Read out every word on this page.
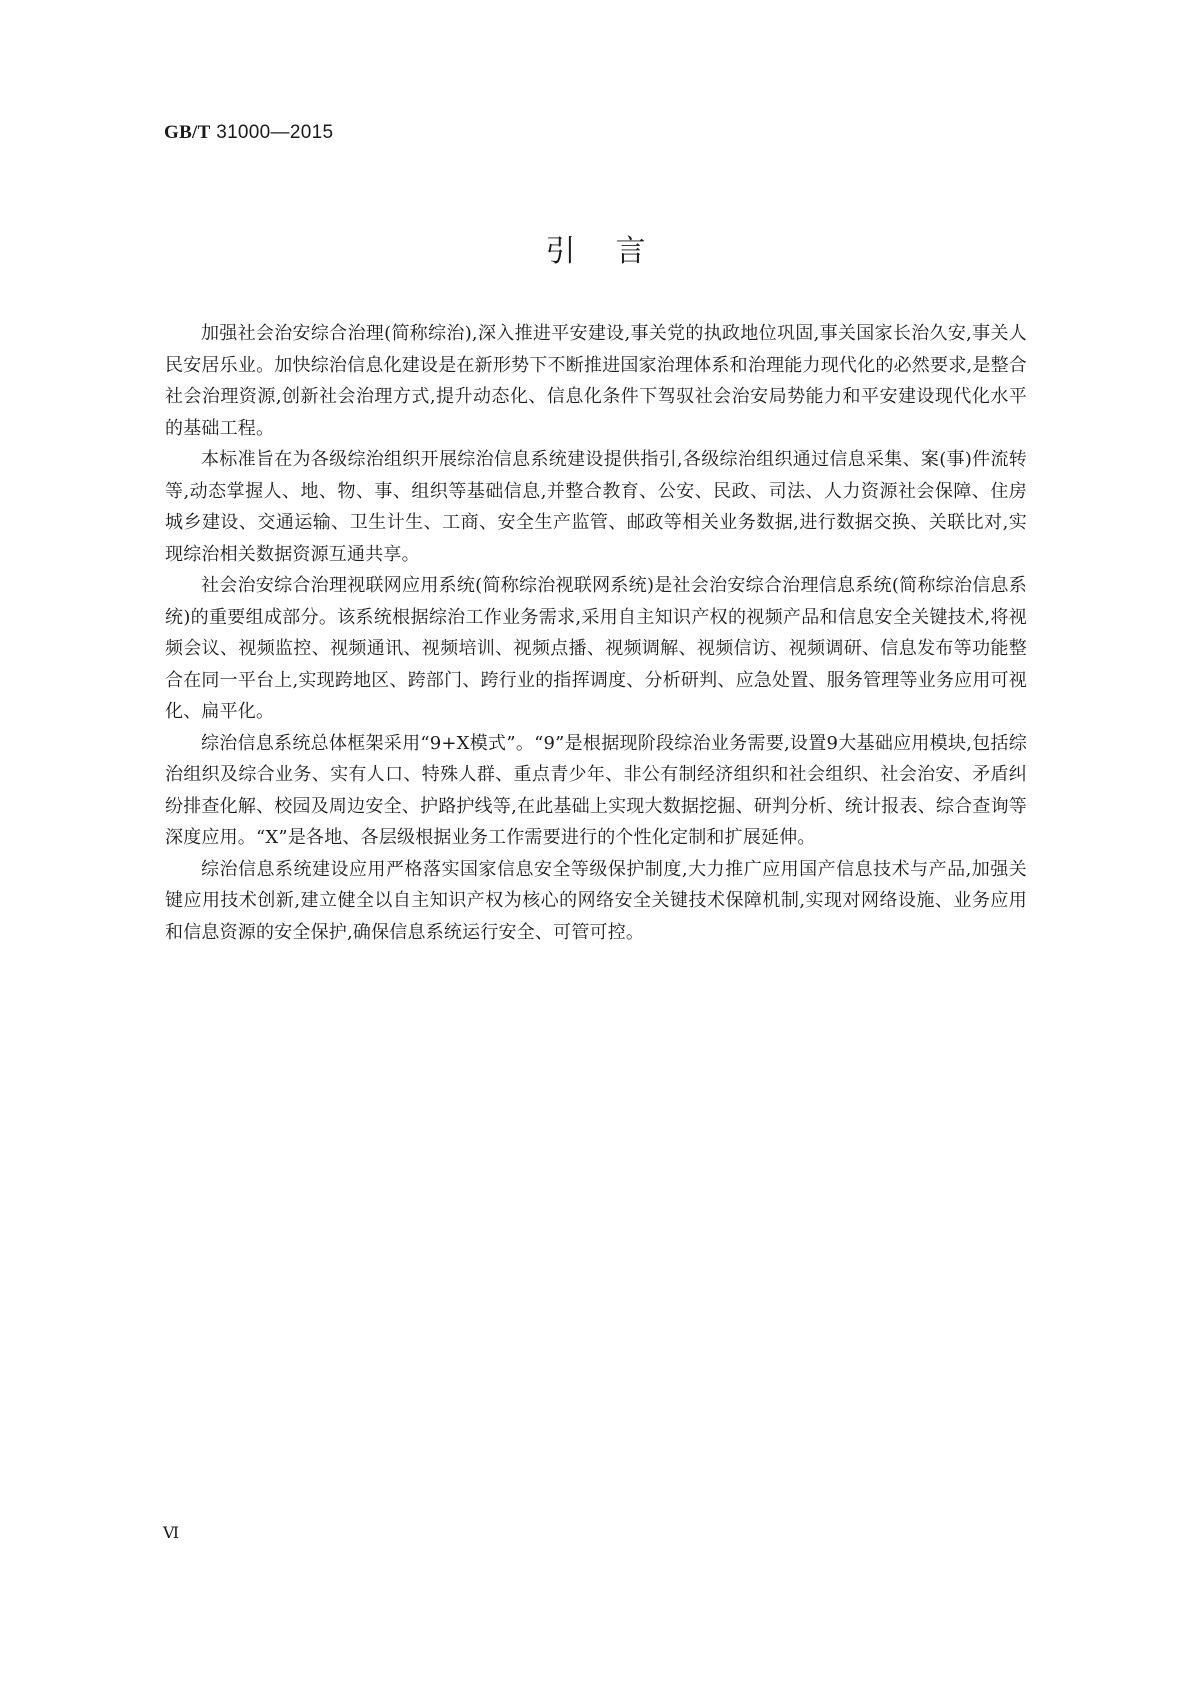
GB/T 31000—2015

引言

加强社会治安综合治理(简称综治),深入推进平安建设,事关党的执政地位巩固,事关国家长治久安,事关人民安居乐业。加快综治信息化建设是在新形势下不断推进国家治理体系和治理能力现代化的必然要求,是整合社会治理资源,创新社会治理方式,提升动态化、信息化条件下驾驭社会治安局势能力和平安建设现代化水平的基础工程。

本标准旨在为各级综治组织开展综治信息系统建设提供指引,各级综治组织通过信息采集、案(事)件流转等,动态掌握人、地、物、事、组织等基础信息,并整合教育、公安、民政、司法、人力资源社会保障、住房城乡建设、交通运输、卫生计生、工商、安全生产监管、邮政等相关业务数据,进行数据交换、关联比对,实现综治相关数据资源互通共享。

社会治安综合治理视联网应用系统(简称综治视联网系统)是社会治安综合治理信息系统(简称综治信息系统)的重要组成部分。该系统根据综治工作业务需求,采用自主知识产权的视频产品和信息安全关键技术,将视频会议、视频监控、视频通讯、视频培训、视频点播、视频调解、视频信访、视频调研、信息发布等功能整合在同一平台上,实现跨地区、跨部门、跨行业的指挥调度、分析研判、应急处置、服务管理等业务应用可视化、扁平化。

综治信息系统总体框架采用“9+X模式”。“9”是根据现阶段综治业务需要,设置9大基础应用模块,包括综治组织及综合业务、实有人口、特殊人群、重点青少年、非公有制经济组织和社会组织、社会治安、矛盾纠纷排查化解、校园及周边安全、护路护线等,在此基础上实现大数据挖掘、研判分析、统计报表、综合查询等深度应用。“X”是各地、各层级根据业务工作需要进行的个性化定制和扩展延伸。

综治信息系统建设应用严格落实国家信息安全等级保护制度,大力推广应用国产信息技术与产品,加强关键应用技术创新,建立健全以自主知识产权为核心的网络安全关键技术保障机制,实现对网络设施、业务应用和信息资源的安全保护,确保信息系统运行安全、可管可控。

Ⅵ
